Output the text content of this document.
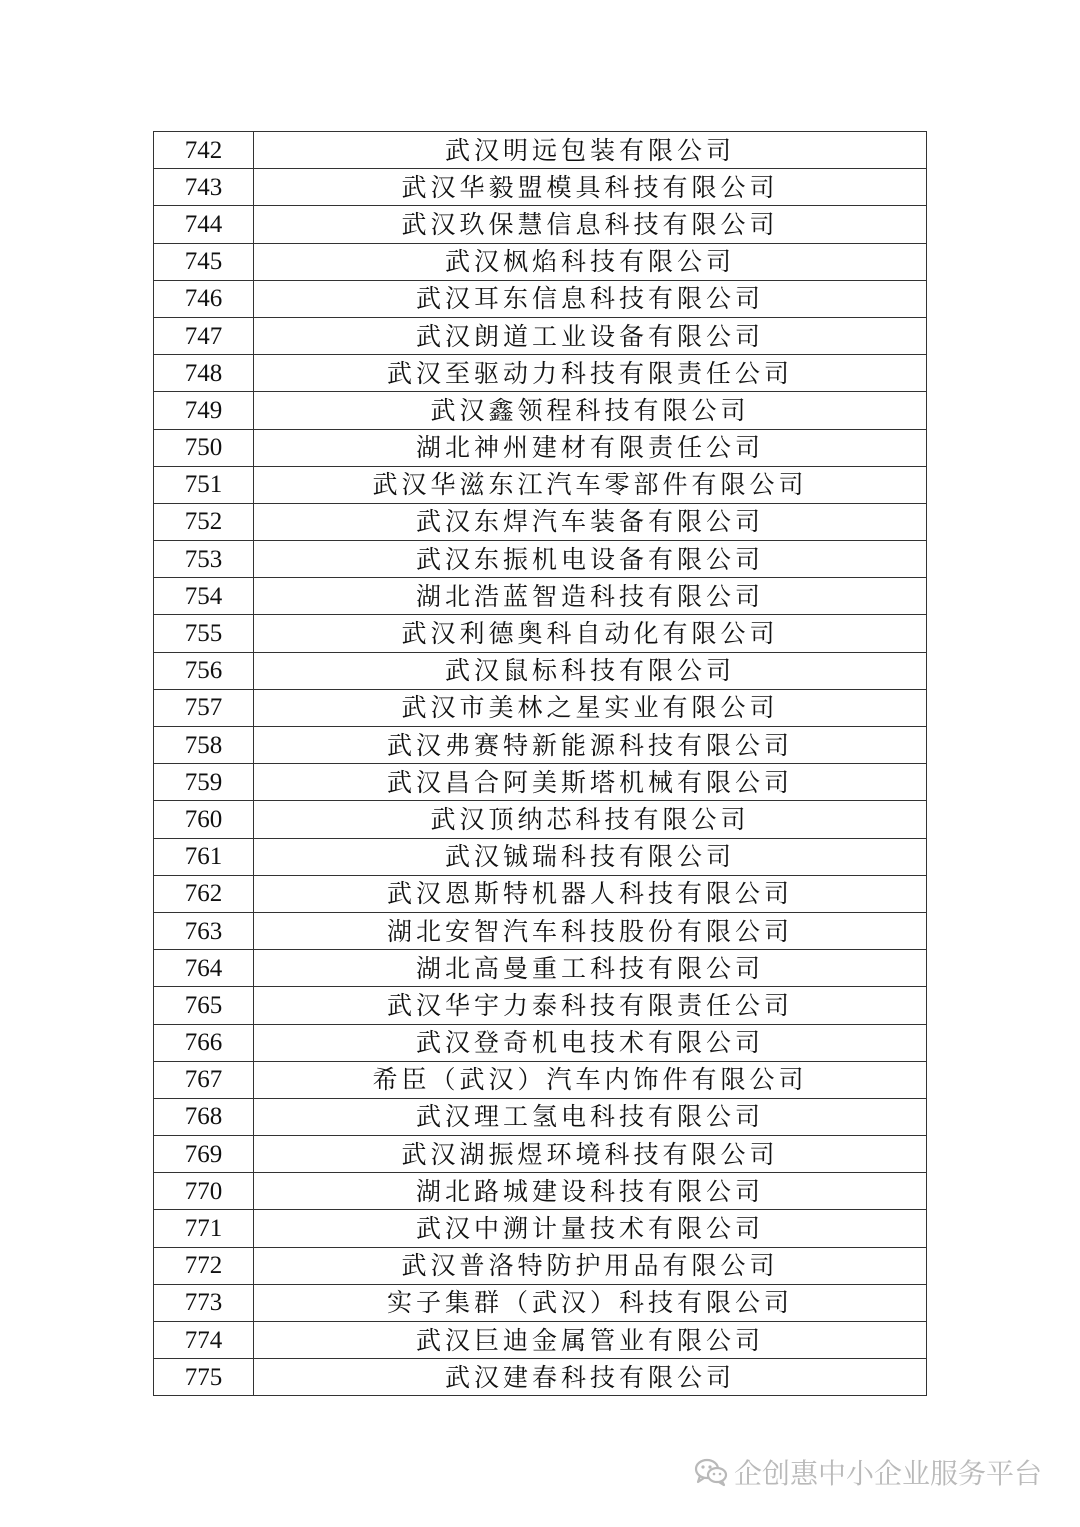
742	武汉明远包装有限公司
743	武汉华毅盟模具科技有限公司
744	武汉玖保慧信息科技有限公司
745	武汉枫焰科技有限公司
746	武汉耳东信息科技有限公司
747	武汉朗道工业设备有限公司
748	武汉至驱动力科技有限责任公司
749	武汉鑫领程科技有限公司
750	湖北神州建材有限责任公司
751	武汉华滋东江汽车零部件有限公司
752	武汉东焊汽车装备有限公司
753	武汉东振机电设备有限公司
754	湖北浩蓝智造科技有限公司
755	武汉利德奥科自动化有限公司
756	武汉鼠标科技有限公司
757	武汉市美林之星实业有限公司
758	武汉弗赛特新能源科技有限公司
759	武汉昌合阿美斯塔机械有限公司
760	武汉顶纳芯科技有限公司
761	武汉铖瑞科技有限公司
762	武汉恩斯特机器人科技有限公司
763	湖北安智汽车科技股份有限公司
764	湖北高曼重工科技有限公司
765	武汉华宇力泰科技有限责任公司
766	武汉登奇机电技术有限公司
767	希臣（武汉）汽车内饰件有限公司
768	武汉理工氢电科技有限公司
769	武汉湖振煜环境科技有限公司
770	湖北路城建设科技有限公司
771	武汉中溯计量技术有限公司
772	武汉普洛特防护用品有限公司
773	实子集群（武汉）科技有限公司
774	武汉巨迪金属管业有限公司
775	武汉建春科技有限公司
企创惠中小企业服务平台
